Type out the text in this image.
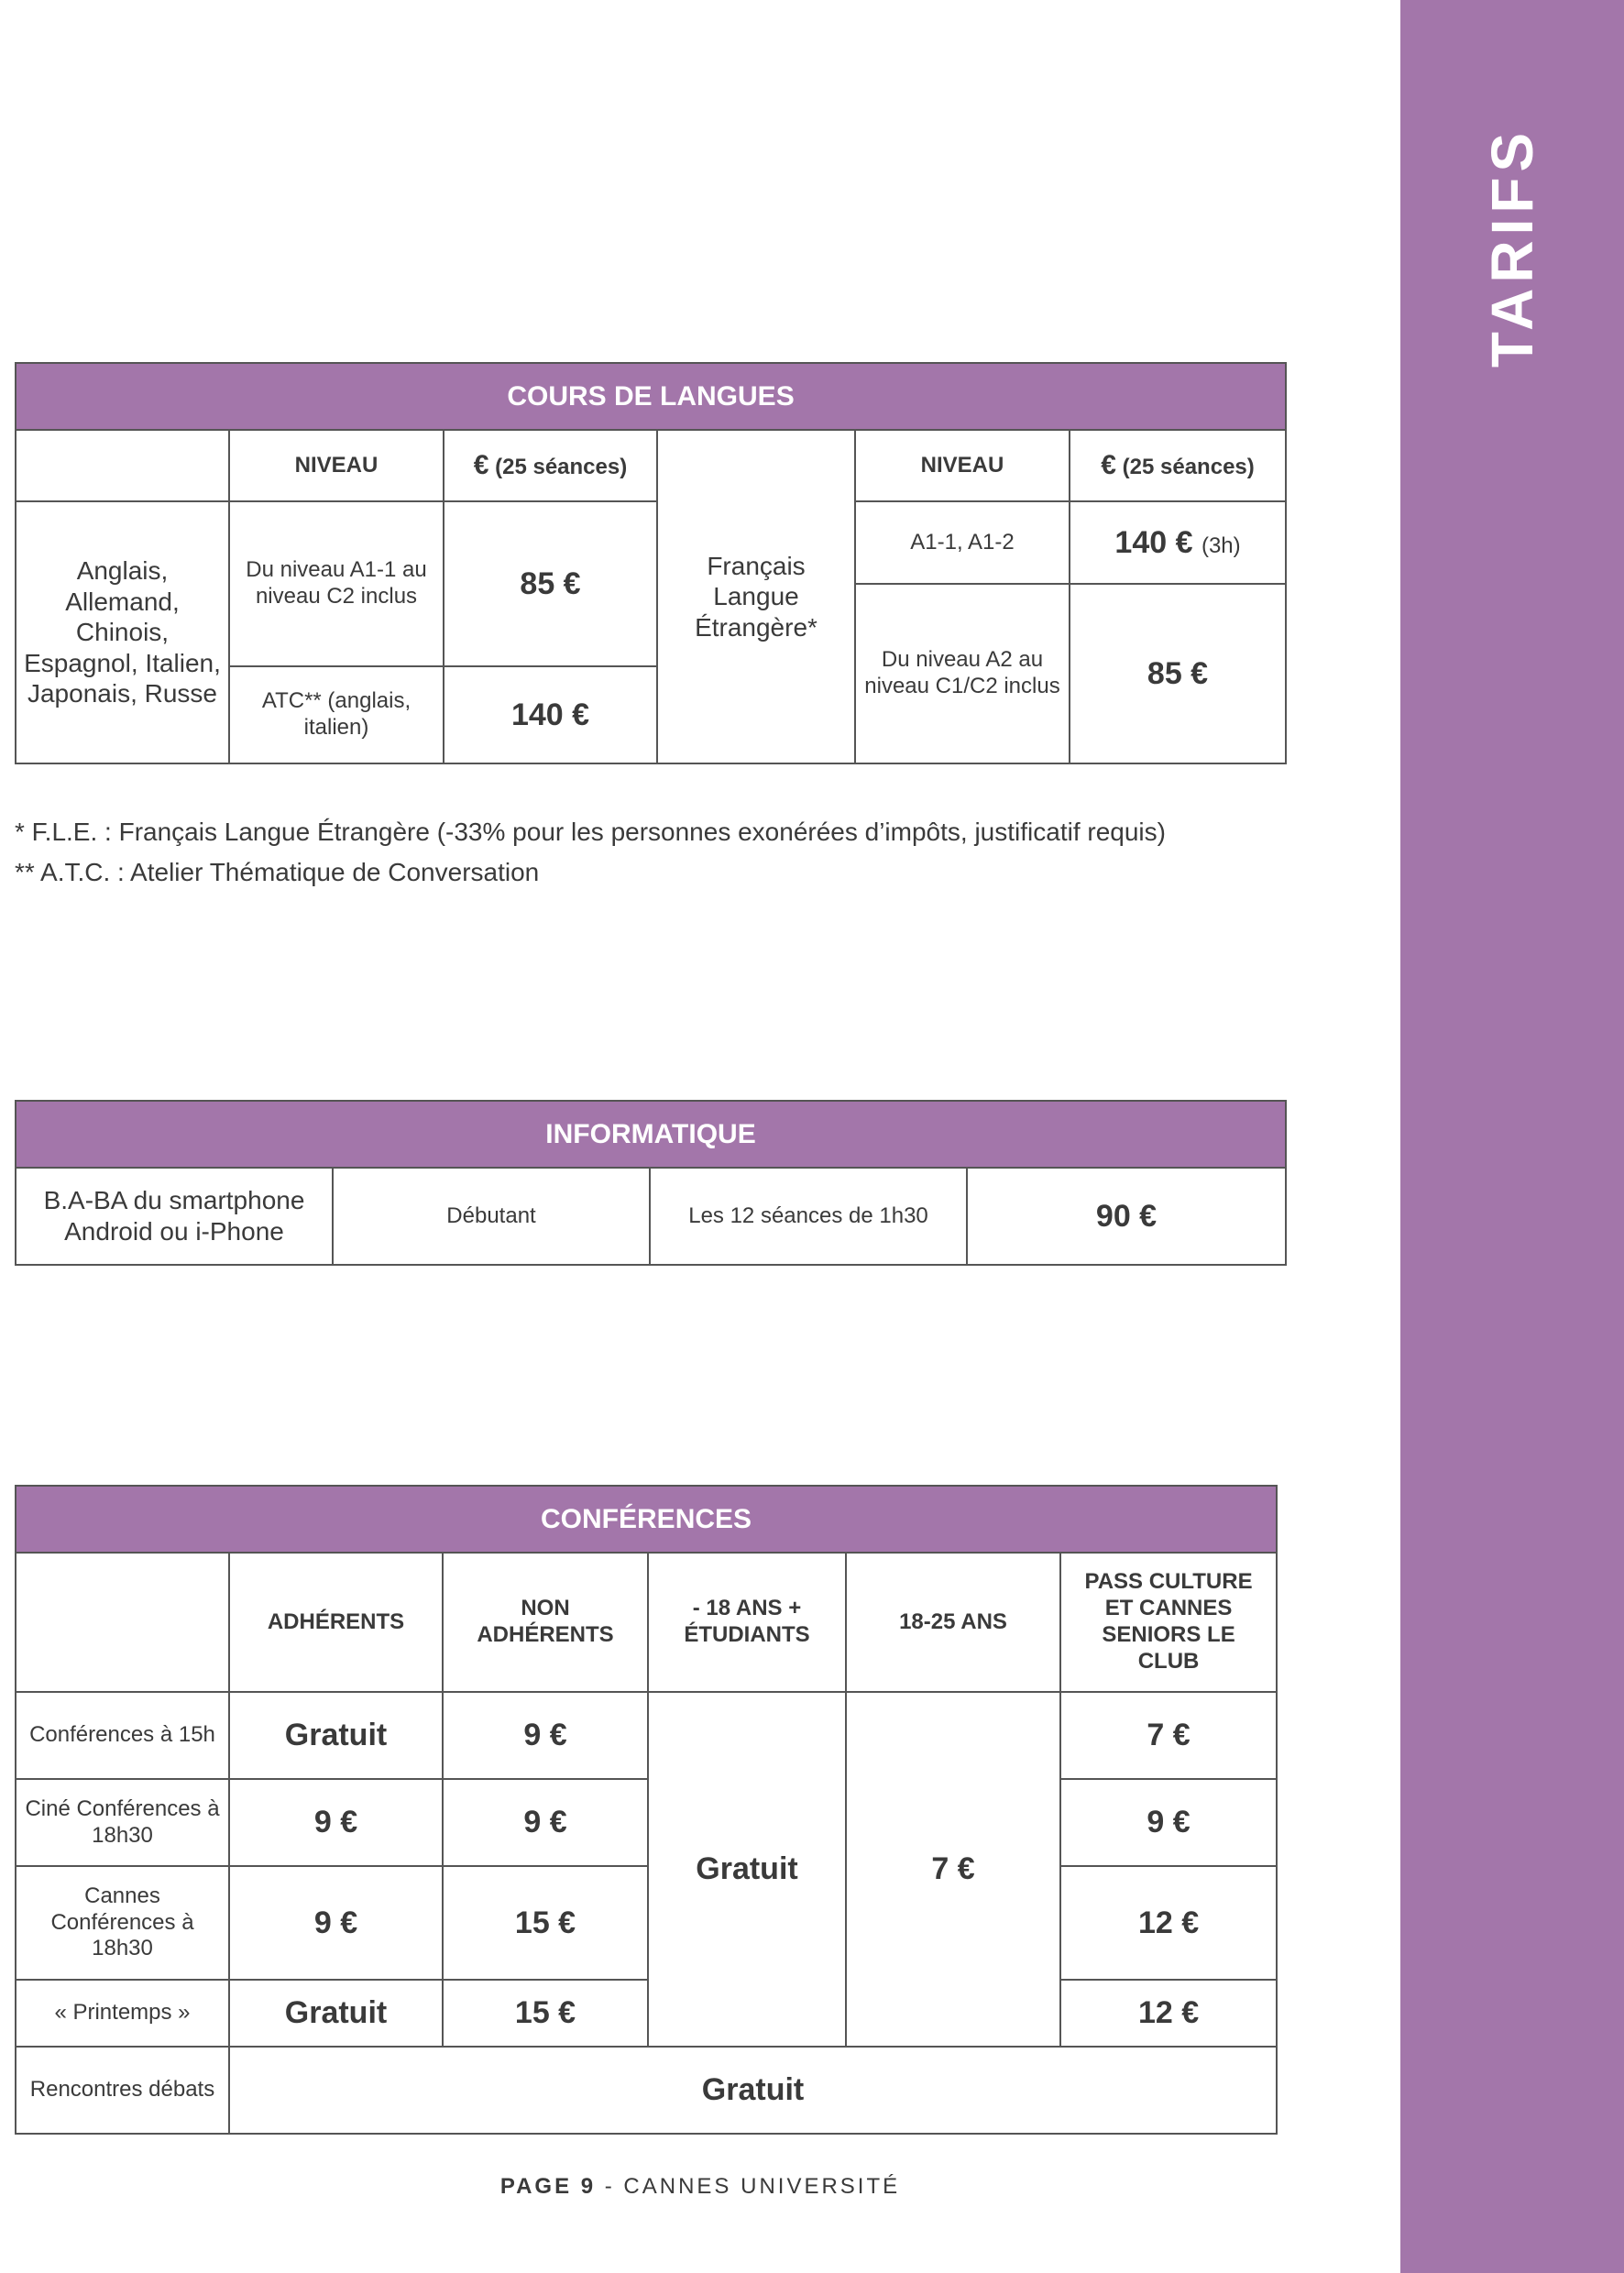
TARIFS
COURS DE LANGUES					
	NIVEAU	€ (25 séances)	Français Langue Étrangère*	NIVEAU	€ (25 séances)
Anglais, Allemand, Chinois, Espagnol, Italien, Japonais, Russe	Du niveau A1-1 au niveau C2 inclus	85 €		A1-1, A1-2	140 € (3h)
				Du niveau A2 au niveau C1/C2 inclus	85 €
	ATC** (anglais, italien)	140 €			
* F.L.E. : Français Langue Étrangère (-33% pour les personnes exonérées d’impôts, justificatif requis)
** A.T.C. : Atelier Thématique de Conversation
INFORMATIQUE
B.A-BA du smartphone Android ou i-Phone	Débutant	Les 12 séances de 1h30	90 €
CONFÉRENCES					
	ADHÉRENTS	NON ADHÉRENTS	- 18 ANS + ÉTUDIANTS	18-25 ANS	PASS CULTURE ET CANNES SENIORS LE CLUB
Conférences à 15h	Gratuit	9 €	Gratuit	7 €	7 €
Ciné Conférences à 18h30	9 €	9 €			9 €
Cannes Conférences à 18h30	9 €	15 €			12 €
« Printemps »	Gratuit	15 €			12 €
Rencontres débats	Gratuit				
PAGE 9 - CANNES UNIVERSITÉ
